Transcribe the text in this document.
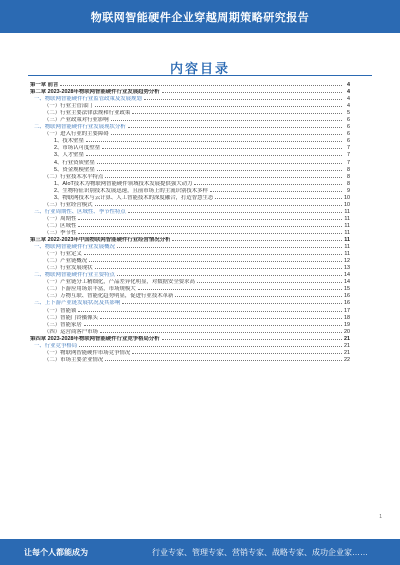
物联网智能硬件企业穿越周期策略研究报告
内容目录
第一章 前言	4
第二章 2023-2028年物联网智能硬件行业发展趋势分析	4
一、物联网智能硬件行业监管政策及发展规划	4
（一）行业主管部门	4
（二）行业主要法律法规和行业政策	5
（三）产业政策对行业影响	6
二、物联网智能硬件行业发展现状分析	6
（一）进入行业的主要障碍	6
1、技术壁垒	6
2、市场认可度壁垒	7
3、人才壁垒	7
4、行业资质壁垒	7
5、资金规模壁垒	8
（二）行业技术水平特点	8
1、AIoT技术为物联网智能硬件领域技术发展提供强大动力	8
2、生物特征识别技术发展迅速，且前市场上的主流识别技术多样	9
3、物联网技术与云计算、人工智能技术的深度融合，打造智慧生态	10
（三）行业经营模式	10
三、行业周期性、区域性、季节性特点	11
（一）周期性	11
（二）区域性	11
（三）季节性	11
第三章 2022-2023年中国物联网智能硬件行业经营情况分析	11
一、物联网智能硬件行业发展概况	11
（一）行业定义	11
（二）产业链概况	12
（三）行业发展现状	13
二、物联网智能硬件行业主要特点	14
（一）产业链分工精细化，产品差异化明显，对数据安全要求高	14
（二）下游应用场景丰富，市场规模大	15
（三）万物互联、智能化趋势明显，促进行业技术革新	16
三、上下游产业链发展状况及其影响	16
（一）智能锁	17
（二）智能门铃摄像头	18
（三）智能家居	19
（四）运营商客户市场	20
第四章 2023-2028年物联网智能硬件行业竞争格局分析	21
一、行业竞争格局	21
（一）物联网智能硬件市场竞争情况	21
（二）市场主要企业情况	22
1
让每个人都能成为	行业专家、管理专家、营销专家、战略专家、成功企业家……
